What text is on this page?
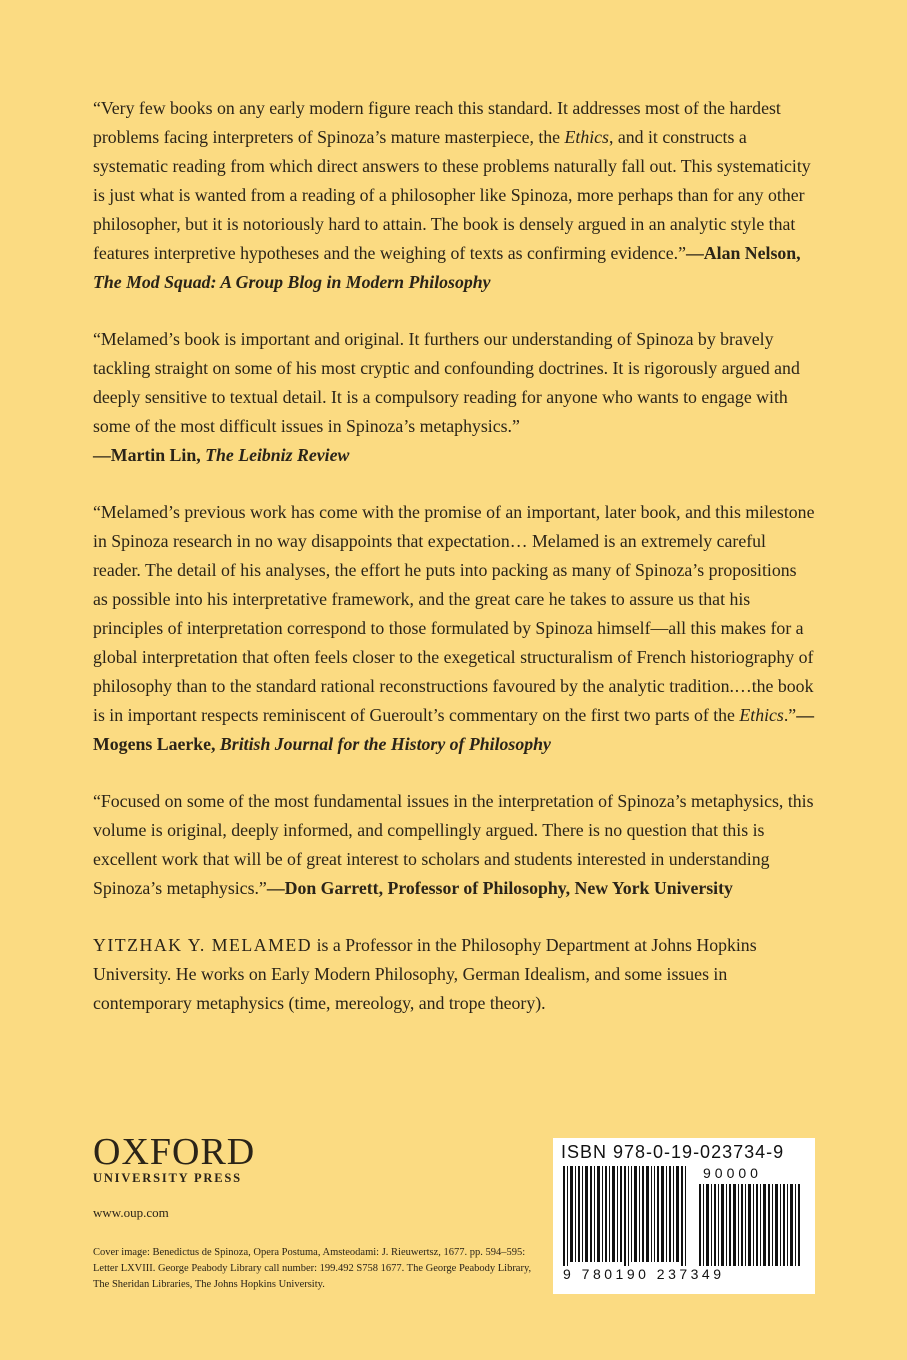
“Very few books on any early modern figure reach this standard. It addresses most of the hardest problems facing interpreters of Spinoza’s mature masterpiece, the Ethics, and it constructs a systematic reading from which direct answers to these problems naturally fall out. This systematicity is just what is wanted from a reading of a philosopher like Spinoza, more perhaps than for any other philosopher, but it is notoriously hard to attain. The book is densely argued in an analytic style that features interpretive hypotheses and the weighing of texts as confirming evidence.”—Alan Nelson, The Mod Squad: A Group Blog in Modern Philosophy

“Melamed’s book is important and original. It furthers our understanding of Spinoza by bravely tackling straight on some of his most cryptic and confounding doctrines. It is rigorously argued and deeply sensitive to textual detail. It is a compulsory reading for anyone who wants to engage with some of the most difficult issues in Spinoza’s metaphysics.”
—Martin Lin, The Leibniz Review

“Melamed’s previous work has come with the promise of an important, later book, and this milestone in Spinoza research in no way disappoints that expectation… Melamed is an extremely careful reader. The detail of his analyses, the effort he puts into packing as many of Spinoza’s propositions as possible into his interpretative framework, and the great care he takes to assure us that his principles of interpretation correspond to those formulated by Spinoza himself—all this makes for a global interpretation that often feels closer to the exegetical structuralism of French historiography of philosophy than to the standard rational reconstructions favoured by the analytic tradition.…the book is in important respects reminiscent of Gueroult’s commentary on the first two parts of the Ethics.”—Mogens Laerke, British Journal for the History of Philosophy

“Focused on some of the most fundamental issues in the interpretation of Spinoza’s metaphysics, this volume is original, deeply informed, and compellingly argued. There is no question that this is excellent work that will be of great interest to scholars and students interested in understanding Spinoza’s metaphysics.”—Don Garrett, Professor of Philosophy, New York University

YITZHAK Y. MELAMED is a Professor in the Philosophy Department at Johns Hopkins University. He works on Early Modern Philosophy, German Idealism, and some issues in contemporary metaphysics (time, mereology, and trope theory).

OXFORD
UNIVERSITY PRESS
www.oup.com
Cover image: Benedictus de Spinoza, Opera Postuma, Amsteodami: J. Rieuwertsz, 1677. pp. 594–595: Letter LXVIII. George Peabody Library call number: 199.492 S758 1677. The George Peabody Library, The Sheridan Libraries, The Johns Hopkins University.
ISBN 978-0-19-023734-9
90000
9 780190 237349
